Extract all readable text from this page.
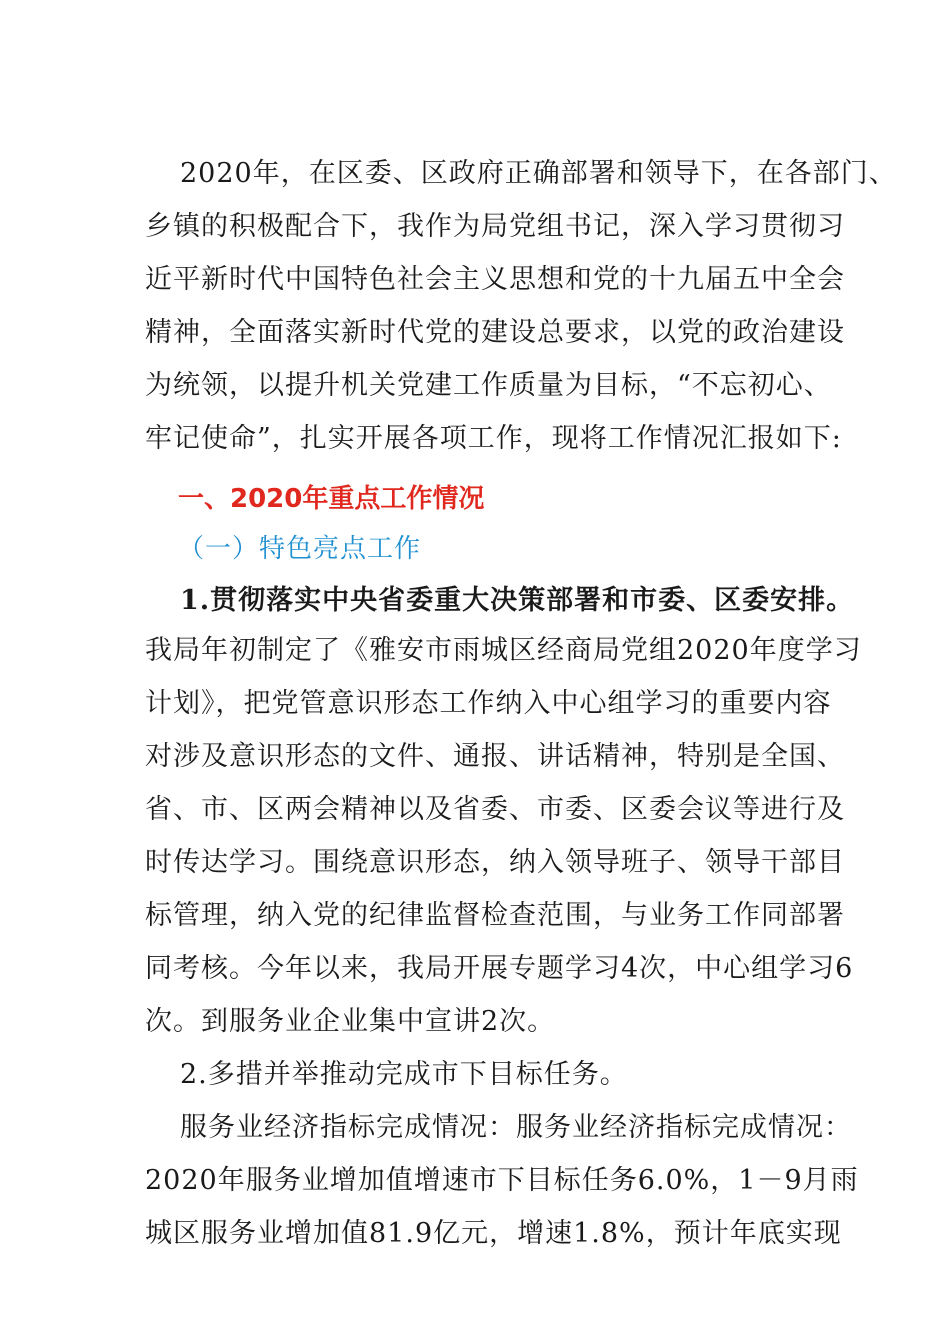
2020年，在区委、区政府正确部署和领导下，在各部门、
乡镇的积极配合下，我作为局党组书记，深入学习贯彻习
近平新时代中国特色社会主义思想和党的十九届五中全会
精神，全面落实新时代党的建设总要求，以党的政治建设
为统领，以提升机关党建工作质量为目标，“不忘初心、
牢记使命”，扎实开展各项工作，现将工作情况汇报如下:
一、2020年重点工作情况
（一）特色亮点工作
1.贯彻落实中央省委重大决策部署和市委、区委安排。
我局年初制定了《雅安市雨城区经商局党组2020年度学习
计划》，把党管意识形态工作纳入中心组学习的重要内容
对涉及意识形态的文件、通报、讲话精神，特别是全国、
省、市、区两会精神以及省委、市委、区委会议等进行及
时传达学习。围绕意识形态，纳入领导班子、领导干部目
标管理，纳入党的纪律监督检查范围，与业务工作同部署
同考核。今年以来，我局开展专题学习4次，中心组学习6
次。到服务业企业集中宣讲2次。
2.多措并举推动完成市下目标任务。
服务业经济指标完成情况：服务业经济指标完成情况：
2020年服务业增加值增速市下目标任务6.0%，1－9月雨
城区服务业增加值81.9亿元，增速1.8%，预计年底实现
